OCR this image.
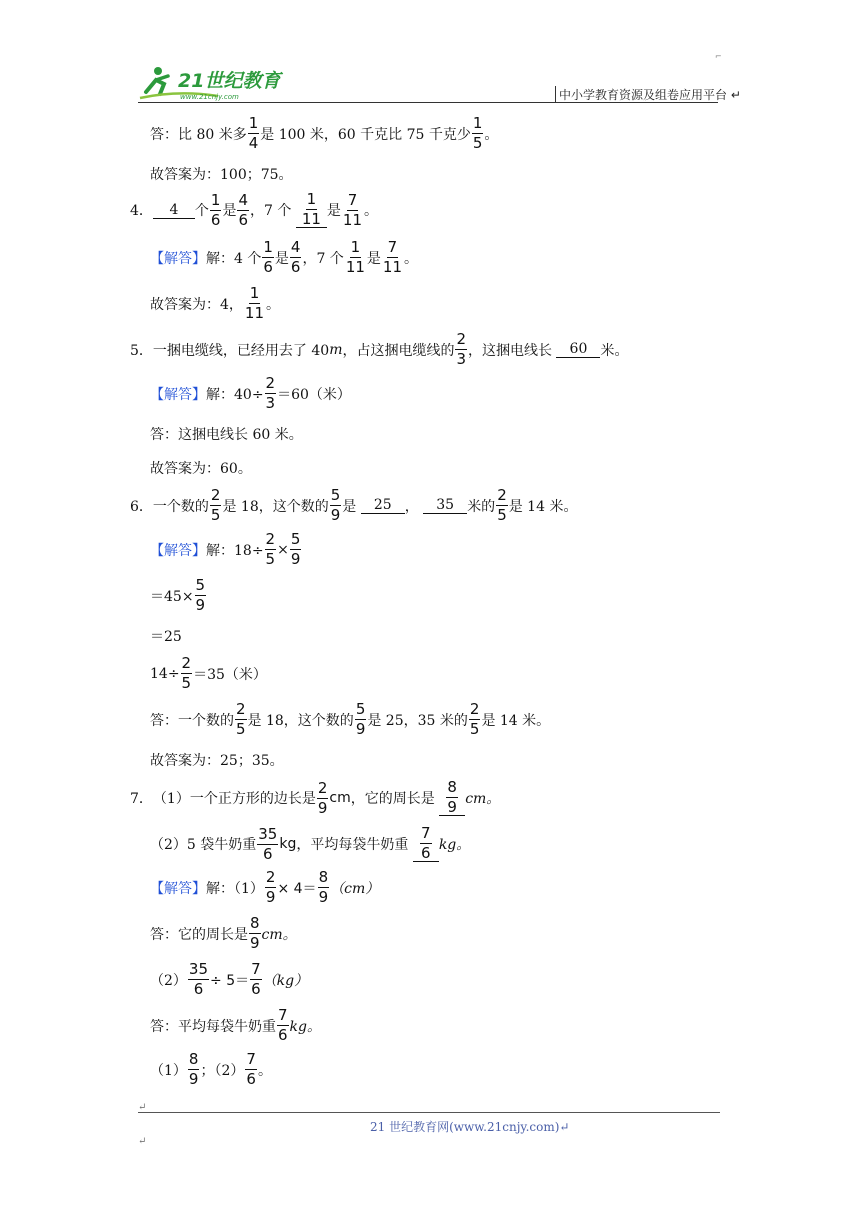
21世纪教育
www.21cnjy.com
⌐
中小学教育资源及组卷应用平台 ↵
答：比 80 米多 $\frac{1}{4}$ 是 100 米，60 千克比 75 千克少 $\frac{1}{5}$ 。
故答案为：100；75。
4． 4 个 $\frac{1}{6}$ 是 $\frac{4}{6}$ ，7 个
$\frac{1}{11}$ 是 $\frac{7}{11}$ 。
【解答】 解：4 个 $\frac{1}{6}$ 是 $\frac{4}{6}$ ，7 个 $\frac{1}{11}$ 是 $\frac{7}{11}$ 。
故答案为：4， $\frac{1}{11}$ 。
5． 一捆电缆线，已经用去了 40 m ，占这捆电缆线的 $\frac{2}{3}$ ，这捆电线长
60 米。
【解答】 解：$40\div \frac{2}{3} =60$（米）
答：这捆电线长 60 米。
故答案为：60。
6． 一个数的 $\frac{2}{5}$ 是 18，这个数的 $\frac{5}{9}$ 是
25 ，
35 米的 $\frac{2}{5}$ 是 14 米。
【解答】 解：$18\div \frac{2}{5} \times \frac{5}{9}$
$=45\times \frac{5}{9}$
＝25
$14\div \frac{2}{5} =35$（米）
答：一个数的 $\frac{2}{5}$ 是 18，这个数的 $\frac{5}{9}$ 是 25，35 米的 $\frac{2}{5}$ 是 14 米。
故答案为：25；35。
7． （1）一个正方形的边长是 $\frac{2}{9}$ cm ，它的周长是
$\frac{8}{9}$ cm。
（2）5 袋牛奶重 $\frac{35}{6}$ kg ，平均每袋牛奶重
$\frac{7}{6}$ kg。
【解答】 解：$(1) \frac{2}{9} \times 4= \frac{8}{9} (cm)$
答：它的周长是 $\frac{8}{9}$ cm。
$(2) \frac{35}{6} \div 5= \frac{7}{6} (kg)$
答：平均每袋牛奶重 $\frac{7}{6}$ kg。
$(1) \frac{8}{9}$ ；$(2) \frac{7}{6}$ 。
↵
21 世纪教育网(www.21cnjy.com)↵
↵
